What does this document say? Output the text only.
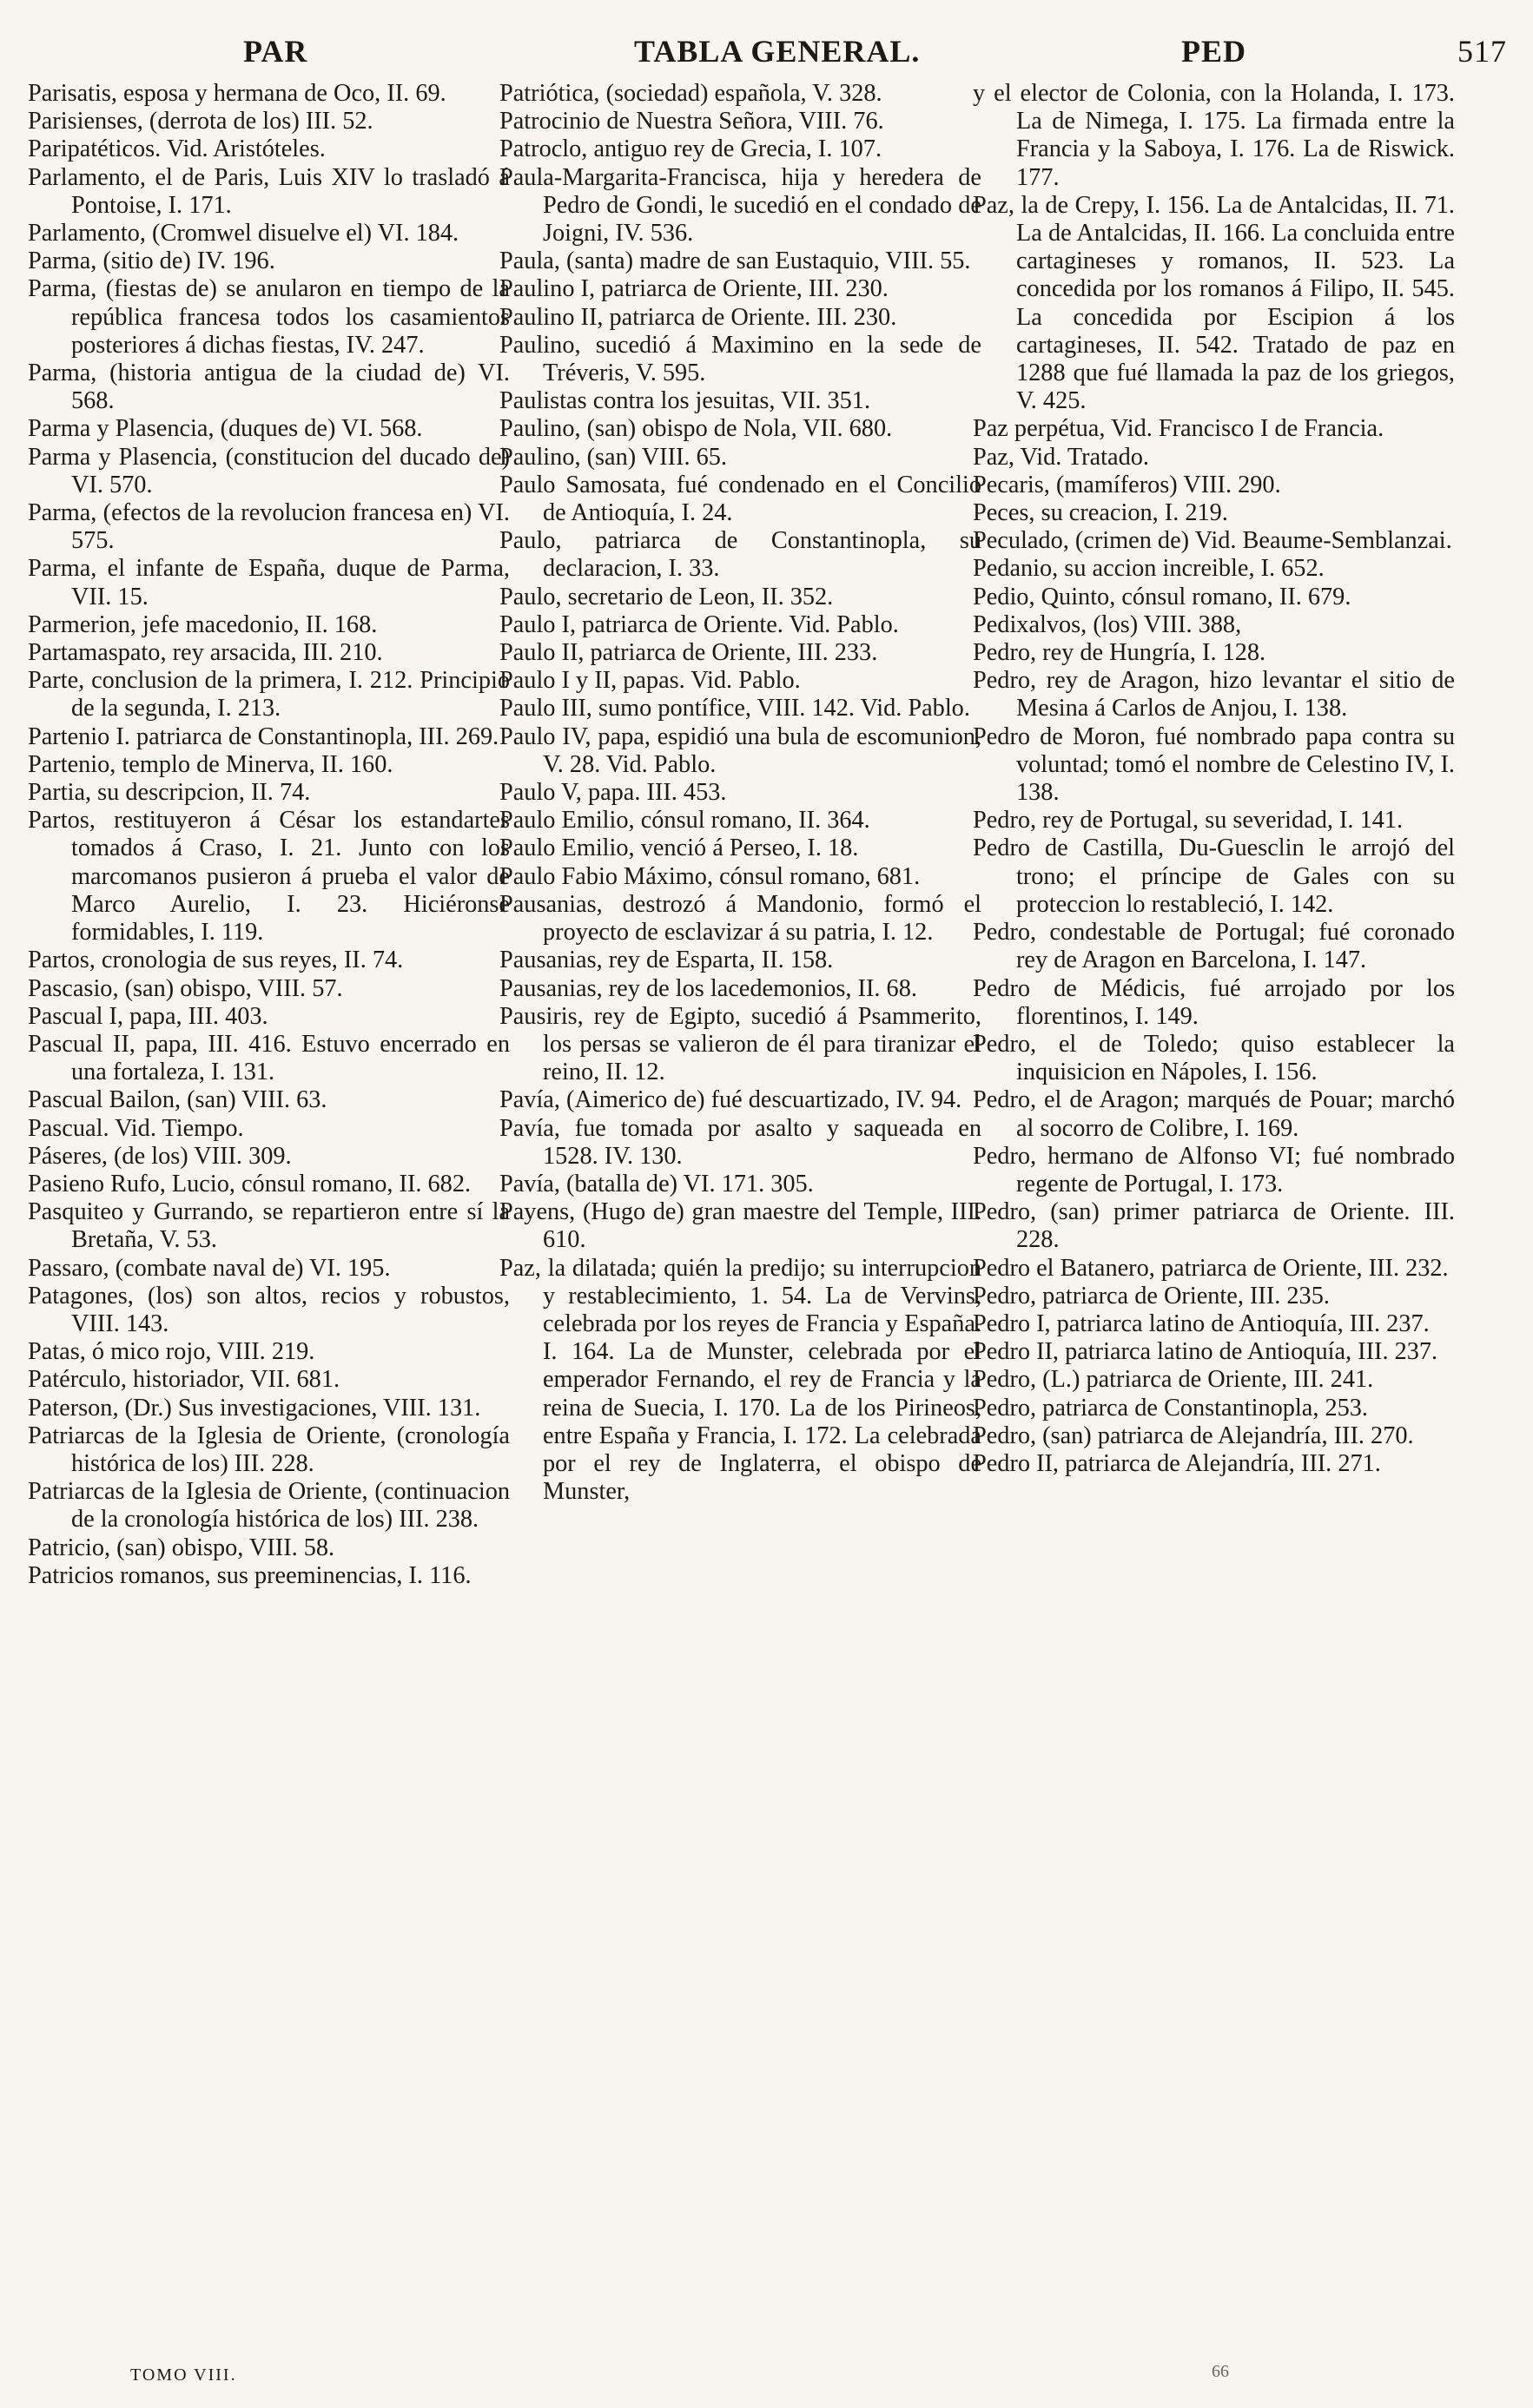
PAR	TABLA GENERAL.	PED	517

Parisatis, esposa y hermana de Oco, II. 69.

Parisienses, (derrota de los) III. 52.

Paripatéticos. Vid. Aristóteles.

Parlamento, el de Paris, Luis XIV lo trasladó á Pontoise, I. 171.

Parlamento, (Cromwel disuelve el) VI. 184.

Parma, (sitio de) IV. 196.

Parma, (fiestas de) se anularon en tiempo de la república francesa todos los casamientos posteriores á dichas fiestas, IV. 247.

Parma, (historia antigua de la ciudad de) VI. 568.

Parma y Plasencia, (duques de) VI. 568.

Parma y Plasencia, (constitucion del ducado de) VI. 570.

Parma, (efectos de la revolucion francesa en) VI. 575.

Parma, el infante de España, duque de Parma, VII. 15.

Parmerion, jefe macedonio, II. 168.

Partamaspato, rey arsacida, III. 210.

Parte, conclusion de la primera, I. 212. Principio de la segunda, I. 213.

Partenio I. patriarca de Constantinopla, III. 269.

Partenio, templo de Minerva, II. 160.

Partia, su descripcion, II. 74.

Partos, restituyeron á César los estandartes tomados á Craso, I. 21. Junto con los marcomanos pusieron á prueba el valor de Marco Aurelio, I. 23. Hiciéronse formidables, I. 119.

Partos, cronologia de sus reyes, II. 74.

Pascasio, (san) obispo, VIII. 57.

Pascual I, papa, III. 403.

Pascual II, papa, III. 416. Estuvo encerrado en una fortaleza, I. 131.

Pascual Bailon, (san) VIII. 63.

Pascual. Vid. Tiempo.

Páseres, (de los) VIII. 309.

Pasieno Rufo, Lucio, cónsul romano, II. 682.

Pasquiteo y Gurrando, se repartieron entre sí la Bretaña, V. 53.

Passaro, (combate naval de) VI. 195.

Patagones, (los) son altos, recios y robustos, VIII. 143.

Patas, ó mico rojo, VIII. 219.

Patérculo, historiador, VII. 681.

Paterson, (Dr.) Sus investigaciones, VIII. 131.

Patriarcas de la Iglesia de Oriente, (cronología histórica de los) III. 228.

Patriarcas de la Iglesia de Oriente, (continuacion de la cronología histórica de los) III. 238.

Patricio, (san) obispo, VIII. 58.

Patricios romanos, sus preeminencias, I. 116.

Patriótica, (sociedad) española, V. 328.

Patrocinio de Nuestra Señora, VIII. 76.

Patroclo, antiguo rey de Grecia, I. 107.

Paula-Margarita-Francisca, hija y heredera de Pedro de Gondi, le sucedió en el condado de Joigni, IV. 536.

Paula, (santa) madre de san Eustaquio, VIII. 55.

Paulino I, patriarca de Oriente, III. 230.

Paulino II, patriarca de Oriente. III. 230.

Paulino, sucedió á Maximino en la sede de Tréveris, V. 595.

Paulistas contra los jesuitas, VII. 351.

Paulino, (san) obispo de Nola, VII. 680.

Paulino, (san) VIII. 65.

Paulo Samosata, fué condenado en el Concilio de Antioquía, I. 24.

Paulo, patriarca de Constantinopla, su declaracion, I. 33.

Paulo, secretario de Leon, II. 352.

Paulo I, patriarca de Oriente. Vid. Pablo.

Paulo II, patriarca de Oriente, III. 233.

Paulo I y II, papas. Vid. Pablo.

Paulo III, sumo pontífice, VIII. 142. Vid. Pablo.

Paulo IV, papa, espidió una bula de escomunion, V. 28. Vid. Pablo.

Paulo V, papa. III. 453.

Paulo Emilio, cónsul romano, II. 364.

Paulo Emilio, venció á Perseo, I. 18.

Paulo Fabio Máximo, cónsul romano, 681.

Pausanias, destrozó á Mandonio, formó el proyecto de esclavizar á su patria, I. 12.

Pausanias, rey de Esparta, II. 158.

Pausanias, rey de los lacedemonios, II. 68.

Pausiris, rey de Egipto, sucedió á Psammerito, los persas se valieron de él para tiranizar el reino, II. 12.

Pavía, (Aimerico de) fué descuartizado, IV. 94.

Pavía, fue tomada por asalto y saqueada en 1528. IV. 130.

Pavía, (batalla de) VI. 171. 305.

Payens, (Hugo de) gran maestre del Temple, III. 610.

Paz, la dilatada; quién la predijo; su interrupcion y restablecimiento, 1. 54. La de Vervins, celebrada por los reyes de Francia y España. I. 164. La de Munster, celebrada por el emperador Fernando, el rey de Francia y la reina de Suecia, I. 170. La de los Pirineos, entre España y Francia, I. 172. La celebrada por el rey de Inglaterra, el obispo de Munster,

y el elector de Colonia, con la Holanda, I. 173. La de Nimega, I. 175. La firmada entre la Francia y la Saboya, I. 176. La de Riswick. 177.

Paz, la de Crepy, I. 156. La de Antalcidas, II. 71. La de Antalcidas, II. 166. La concluida entre cartagineses y romanos, II. 523. La concedida por los romanos á Filipo, II. 545. La concedida por Escipion á los cartagineses, II. 542. Tratado de paz en 1288 que fué llamada la paz de los griegos, V. 425.

Paz perpétua, Vid. Francisco I de Francia.

Paz, Vid. Tratado.

Pecaris, (mamíferos) VIII. 290.

Peces, su creacion, I. 219.

Peculado, (crimen de) Vid. Beaume-Semblanzai.

Pedanio, su accion increible, I. 652.

Pedio, Quinto, cónsul romano, II. 679.

Pedixalvos, (los) VIII. 388,

Pedro, rey de Hungría, I. 128.

Pedro, rey de Aragon, hizo levantar el sitio de Mesina á Carlos de Anjou, I. 138.

Pedro de Moron, fué nombrado papa contra su voluntad; tomó el nombre de Celestino IV, I. 138.

Pedro, rey de Portugal, su severidad, I. 141.

Pedro de Castilla, Du-Guesclin le arrojó del trono; el príncipe de Gales con su proteccion lo restableció, I. 142.

Pedro, condestable de Portugal; fué coronado rey de Aragon en Barcelona, I. 147.

Pedro de Médicis, fué arrojado por los florentinos, I. 149.

Pedro, el de Toledo; quiso establecer la inquisicion en Nápoles, I. 156.

Pedro, el de Aragon; marqués de Pouar; marchó al socorro de Colibre, I. 169.

Pedro, hermano de Alfonso VI; fué nombrado regente de Portugal, I. 173.

Pedro, (san) primer patriarca de Oriente. III. 228.

Pedro el Batanero, patriarca de Oriente, III. 232.

Pedro, patriarca de Oriente, III. 235.

Pedro I, patriarca latino de Antioquía, III. 237.

Pedro II, patriarca latino de Antioquía, III. 237.

Pedro, (L.) patriarca de Oriente, III. 241.

Pedro, patriarca de Constantinopla, 253.

Pedro, (san) patriarca de Alejandría, III. 270.

Pedro II, patriarca de Alejandría, III. 271.

TOMO VIII.	66
